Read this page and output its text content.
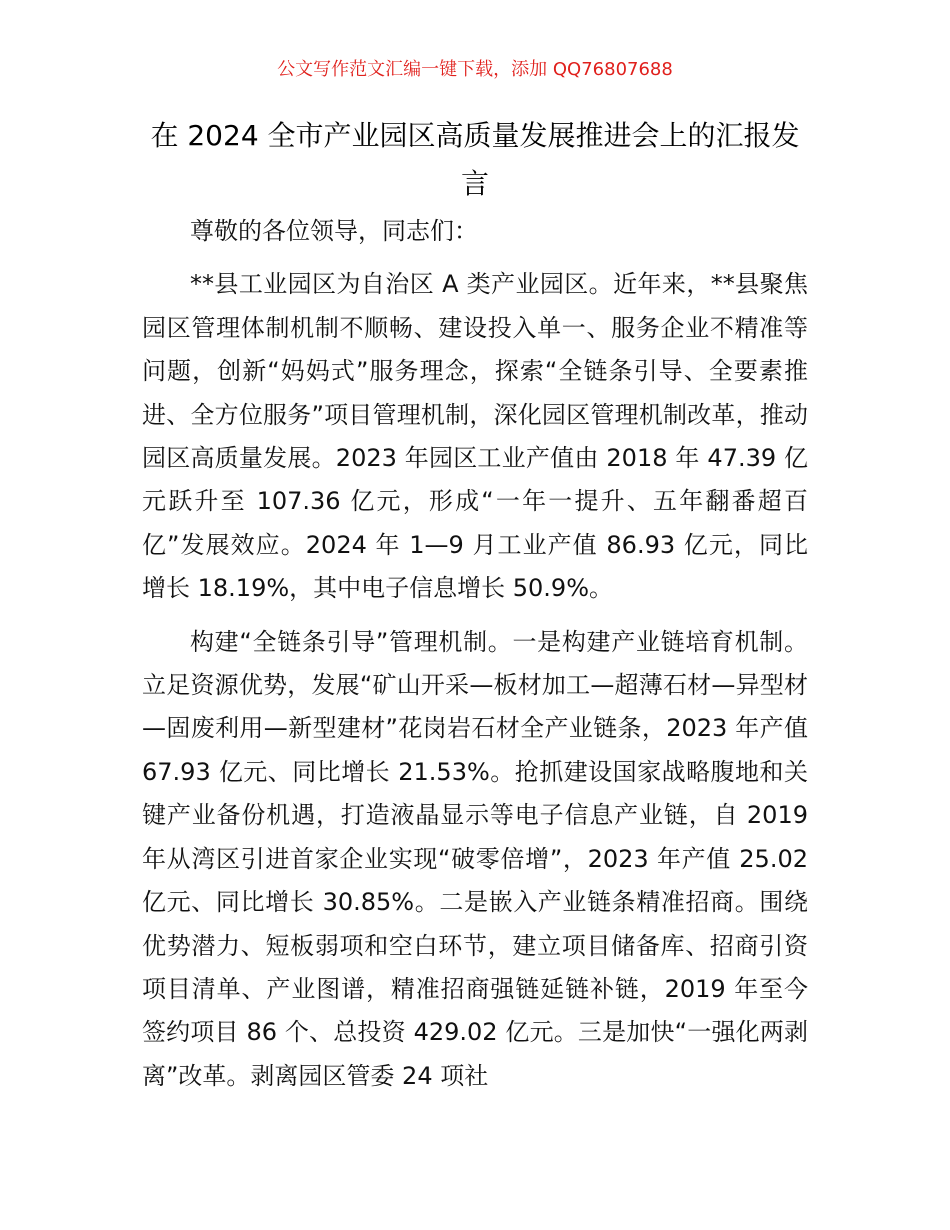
公文写作范文汇编一键下载，添加 QQ76807688
在 2024 全市产业园区高质量发展推进会上的汇报发言

尊敬的各位领导，同志们：

**县工业园区为自治区 A 类产业园区。近年来，**县聚焦园区管理体制机制不顺畅、建设投入单一、服务企业不精准等问题，创新“妈妈式”服务理念，探索“全链条引导、全要素推进、全方位服务”项目管理机制，深化园区管理机制改革，推动园区高质量发展。2023 年园区工业产值由 2018 年 47.39 亿元跃升至 107.36 亿元，形成“一年一提升、五年翻番超百亿”发展效应。2024 年 1—9 月工业产值 86.93 亿元，同比增长 18.19%，其中电子信息增长 50.9%。

构建“全链条引导”管理机制。一是构建产业链培育机制。立足资源优势，发展“矿山开采—板材加工—超薄石材—异型材—固废利用—新型建材”花岗岩石材全产业链条，2023 年产值 67.93 亿元、同比增长 21.53%。抢抓建设国家战略腹地和关键产业备份机遇，打造液晶显示等电子信息产业链，自 2019 年从湾区引进首家企业实现“破零倍增”，2023 年产值 25.02 亿元、同比增长 30.85%。二是嵌入产业链条精准招商。围绕优势潜力、短板弱项和空白环节，建立项目储备库、招商引资项目清单、产业图谱，精准招商强链延链补链，2019 年至今签约项目 86 个、总投资 429.02 亿元。三是加快“一强化两剥离”改革。剥离园区管委 24 项社
